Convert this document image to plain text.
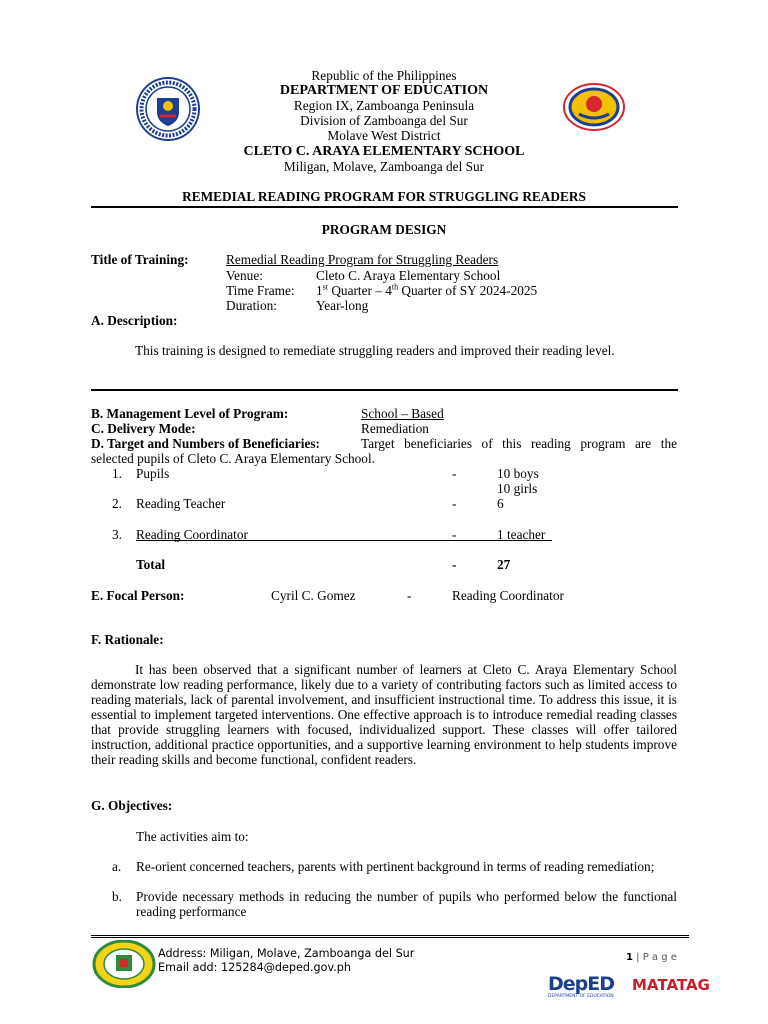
Republic of the Philippines
DEPARTMENT OF EDUCATION
Region IX, Zamboanga Peninsula
Division of Zamboanga del Sur
Molave West District
CLETO C. ARAYA ELEMENTARY SCHOOL
Miligan, Molave, Zamboanga del Sur
REMEDIAL READING PROGRAM FOR STRUGGLING READERS
PROGRAM DESIGN
Title of Training:	Remedial Reading Program for Struggling Readers
Venue:	Cleto C. Araya Elementary School
Time Frame: 1st Quarter – 4th Quarter of SY 2024-2025
Duration:	Year-long
A. Description:
This training is designed to remediate struggling readers and improved their reading level.
B. Management Level of Program:	School – Based
C. Delivery Mode:	Remediation
D. Target and Numbers of Beneficiaries:	Target beneficiaries of this reading program are the
selected pupils of Cleto C. Araya Elementary School.
1. Pupils	-	10 boys
10 girls
2. Reading Teacher	-	6
3. Reading Coordinator	-	1 teacher
Total	-	27
E. Focal Person:	Cyril C. Gomez	-	Reading Coordinator
F. Rationale:
It has been observed that a significant number of learners at Cleto C. Araya Elementary School demonstrate low reading performance, likely due to a variety of contributing factors such as limited access to reading materials, lack of parental involvement, and insufficient instructional time. To address this issue, it is essential to implement targeted interventions. One effective approach is to introduce remedial reading classes that provide struggling learners with focused, individualized support. These classes will offer tailored instruction, additional practice opportunities, and a supportive learning environment to help students improve their reading skills and become functional, confident readers.
G. Objectives:
The activities aim to:
a. Re-orient concerned teachers, parents with pertinent background in terms of reading remediation;
b. Provide necessary methods in reducing the number of pupils who performed below the functional reading performance
Address: Miligan, Molave, Zamboanga del Sur
Email add: 125284@deped.gov.ph
1 | P a g e
DepED
DEPARTMENT OF EDUCATION
MATATAG
